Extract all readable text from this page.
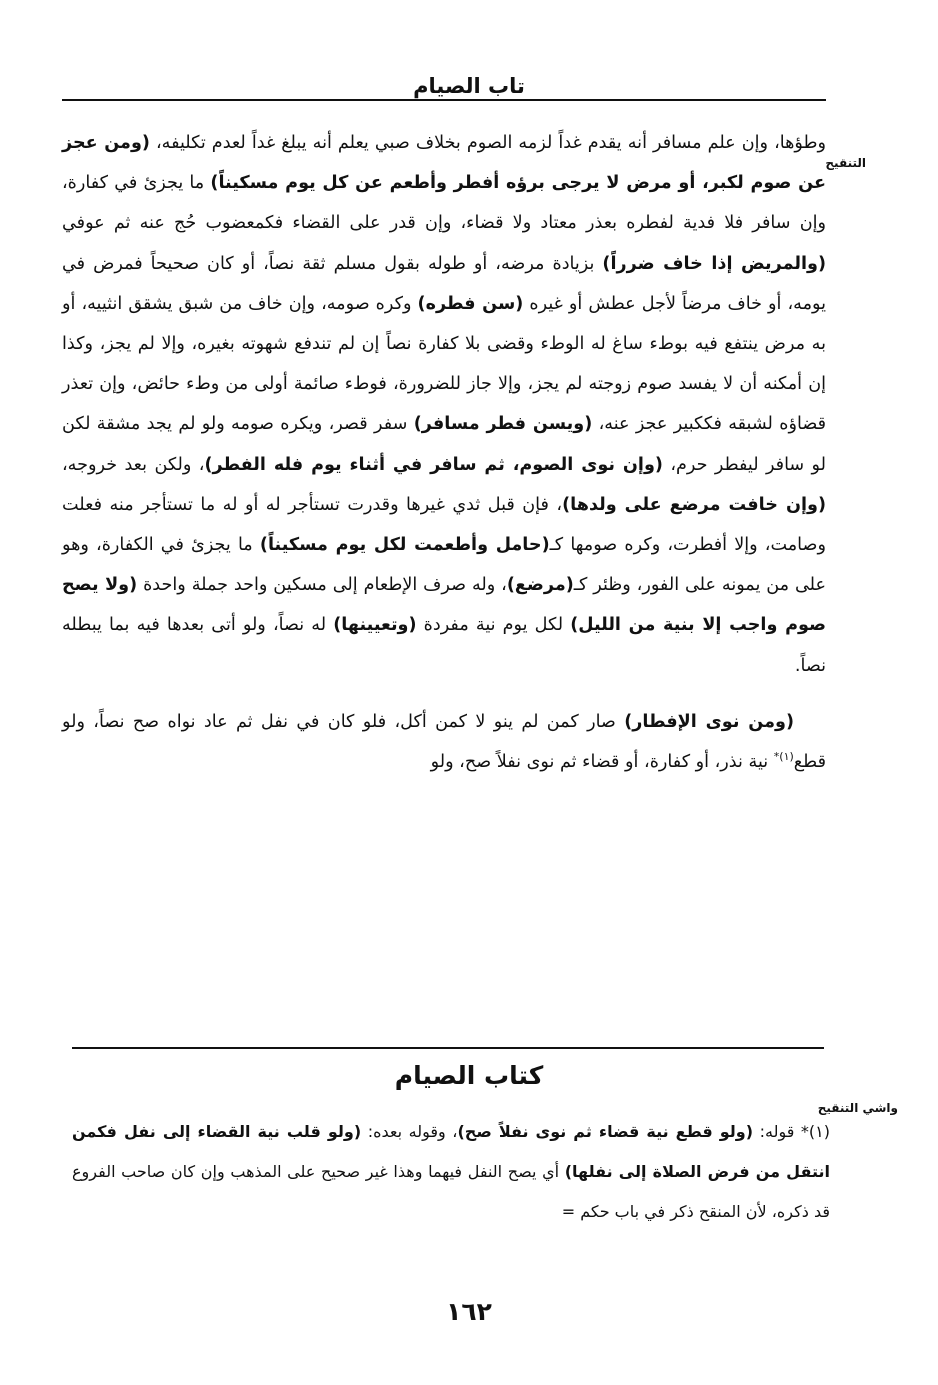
تاب الصيام
التنقيح
واشي التنقيح

وطؤها، وإن علم مسافر أنه يقدم غداً لزمه الصوم بخلاف صبي يعلم أنه يبلغ غداً لعدم تكليفه، (ومن عجز عن صوم لكبر، أو مرض لا يرجى برؤه أفطر وأطعم عن كل يوم مسكيناً) ما يجزئ في كفارة، وإن سافر فلا فدية لفطره بعذر معتاد ولا قضاء، وإن قدر على القضاء فكمعضوب حُج عنه ثم عوفي (والمريض إذا خاف ضرراً) بزيادة مرضه، أو طوله بقول مسلم ثقة نصاً، أو كان صحيحاً فمرض في يومه، أو خاف مرضاً لأجل عطش أو غيره (سن فطره) وكره صومه، وإن خاف من شبق يشقق انثييه، أو به مرض ينتفع فيه بوطء ساغ له الوطء وقضى بلا كفارة نصاً إن لم تندفع شهوته بغيره، وإلا لم يجز، وكذا إن أمكنه أن لا يفسد صوم زوجته لم يجز، وإلا جاز للضرورة، فوطء صائمة أولى من وطء حائض، وإن تعذر قضاؤه لشبقه فككبير عجز عنه، (ويسن فطر مسافر) سفر قصر، ويكره صومه ولو لم يجد مشقة لكن لو سافر ليفطر حرم، (وإن نوى الصوم، ثم سافر في أثناء يوم فله الفطر)، ولكن بعد خروجه، (وإن خافت مرضع على ولدها)، فإن قبل ثدي غيرها وقدرت تستأجر له أو له ما تستأجر منه فعلت وصامت، وإلا أفطرت، وكره صومها كـ(حامل وأطعمت لكل يوم مسكيناً) ما يجزئ في الكفارة، وهو على من يمونه على الفور، وظئر كـ(مرضع)، وله صرف الإطعام إلى مسكين واحد جملة واحدة (ولا يصح صوم واجب إلا بنية من الليل) لكل يوم نية مفردة (وتعيينها) له نصاً، ولو أتى بعدها فيه بما يبطله نصاً.

(ومن نوى الإفطار) صار كمن لم ينو لا كمن أكل، فلو كان في نفل ثم عاد نواه صح نصاً، ولو قطع$^{(١)*}$ نية نذر، أو كفارة، أو قضاء ثم نوى نفلاً صح، ولو

كتاب الصيام
(١)* قوله: (ولو قطع نية قضاء ثم نوى نفلاً صح)، وقوله بعده: (ولو قلب نية القضاء إلى نفل فكمن انتقل من فرض الصلاة إلى نفلها) أي يصح النفل فيهما وهذا غير صحيح على المذهب وإن كان صاحب الفروع قد ذكره، لأن المنقح ذكر في باب حكم =
١٦٢
